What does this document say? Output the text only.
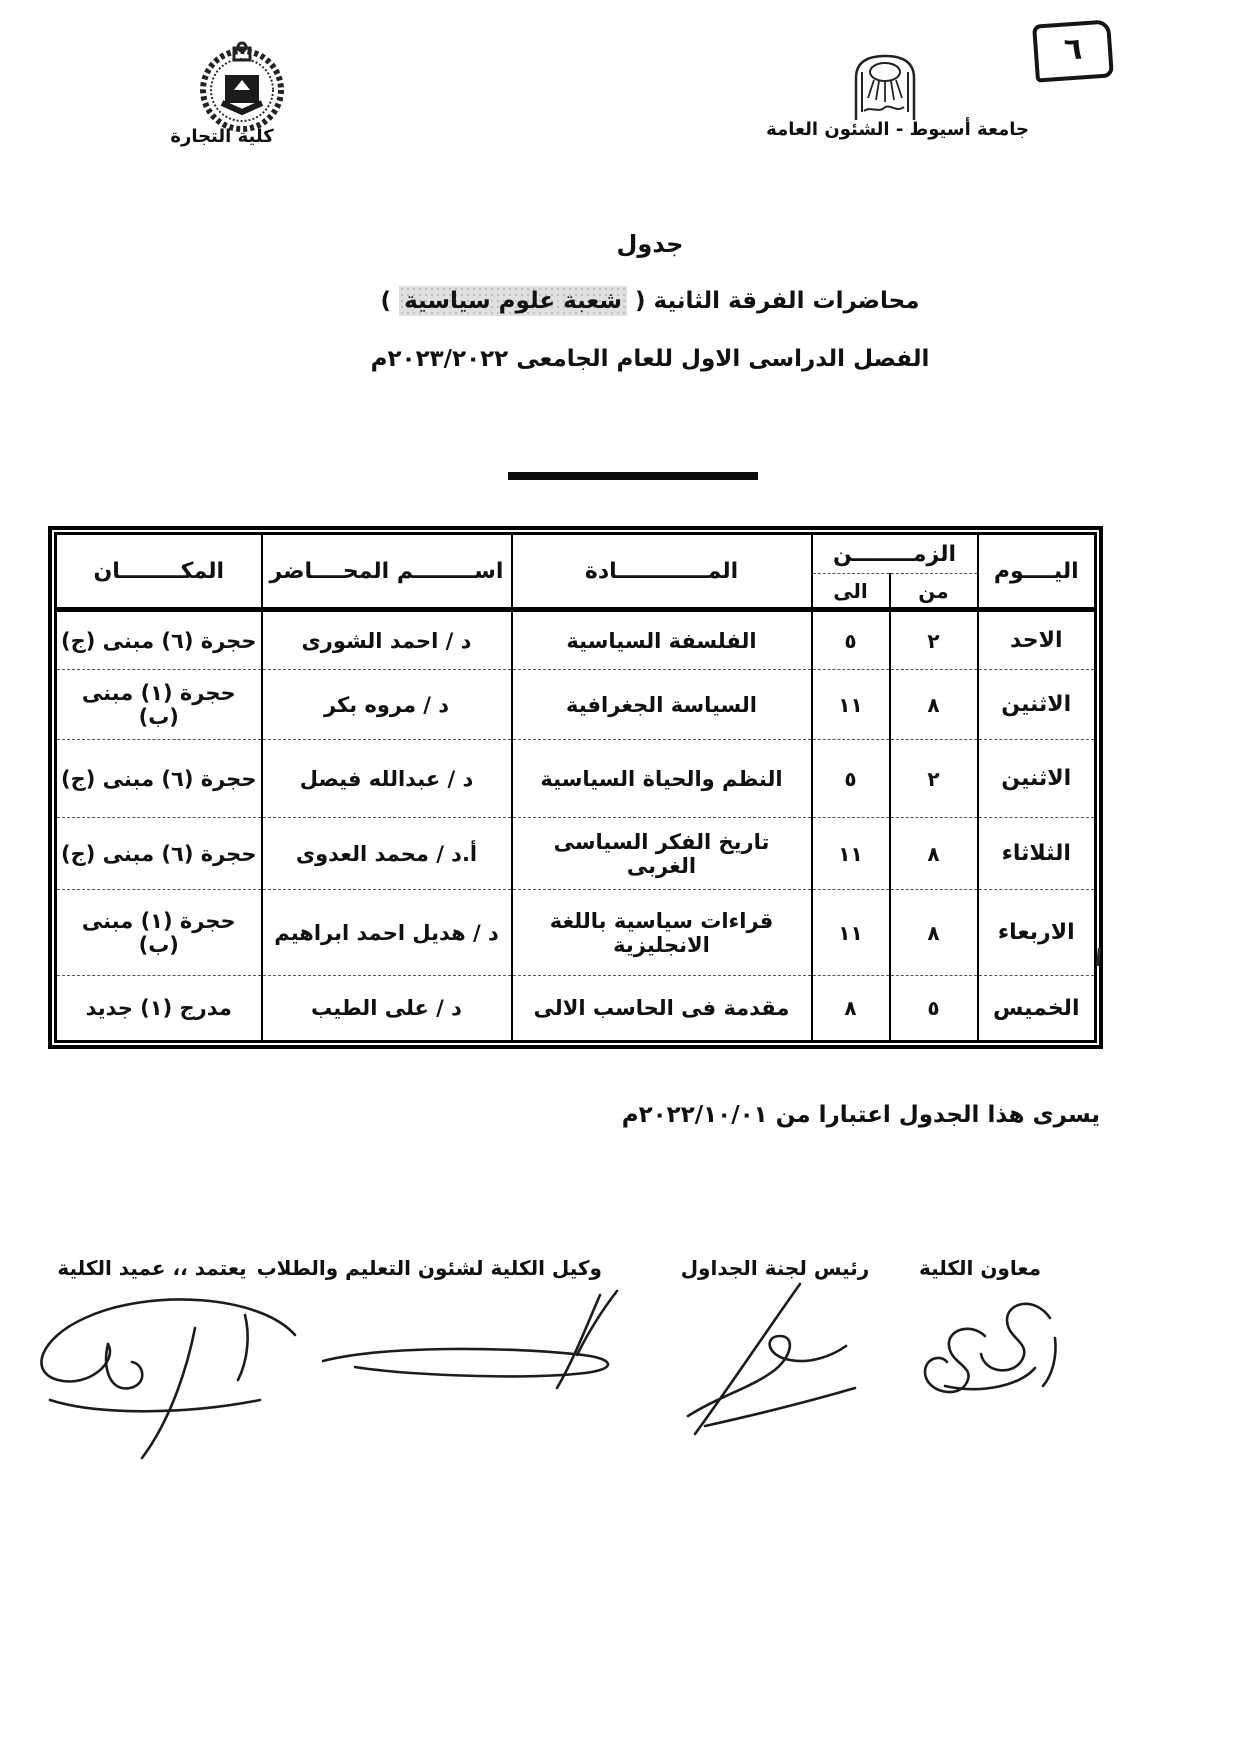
٦
كلية التجارة	جامعة أسيوط - الشئون العامة

جدول

محاضرات الفرقة الثانية ( شعبة علوم سياسية )

الفصل الدراسى الاول للعام الجامعى ٢٠٢٣/٢٠٢٢م

اليــــوم	الزمــــــــن		المــــــــــــادة	اســــــــم المحــــاضر	المكــــــــان
	من	الى			
الاحد	٢	٥	الفلسفة السياسية	د / احمد الشورى	حجرة (٦) مبنى (ج)
الاثنين	٨	١١	السياسة الجغرافية	د / مروه بكر	حجرة (١) مبنى (ب)
الاثنين	٢	٥	النظم والحياة السياسية	د / عبدالله فيصل	حجرة (٦) مبنى (ج)
الثلاثاء	٨	١١	تاريخ الفكر السياسى الغربى	أ.د / محمد العدوى	حجرة (٦) مبنى (ج)
الاربعاء	٨	١١	قراءات سياسية باللغة الانجليزية	د / هديل احمد ابراهيم	حجرة (١) مبنى (ب)
الخميس	٥	٨	مقدمة فى الحاسب الالى	د / على الطيب	مدرج (١) جديد
يسرى هذا الجدول اعتبارا من ٢٠٢٢/١٠/٠١م
معاون الكلية
رئيس لجنة الجداول
وكيل الكلية لشئون التعليم والطلاب
يعتمد ،، عميد الكلية
